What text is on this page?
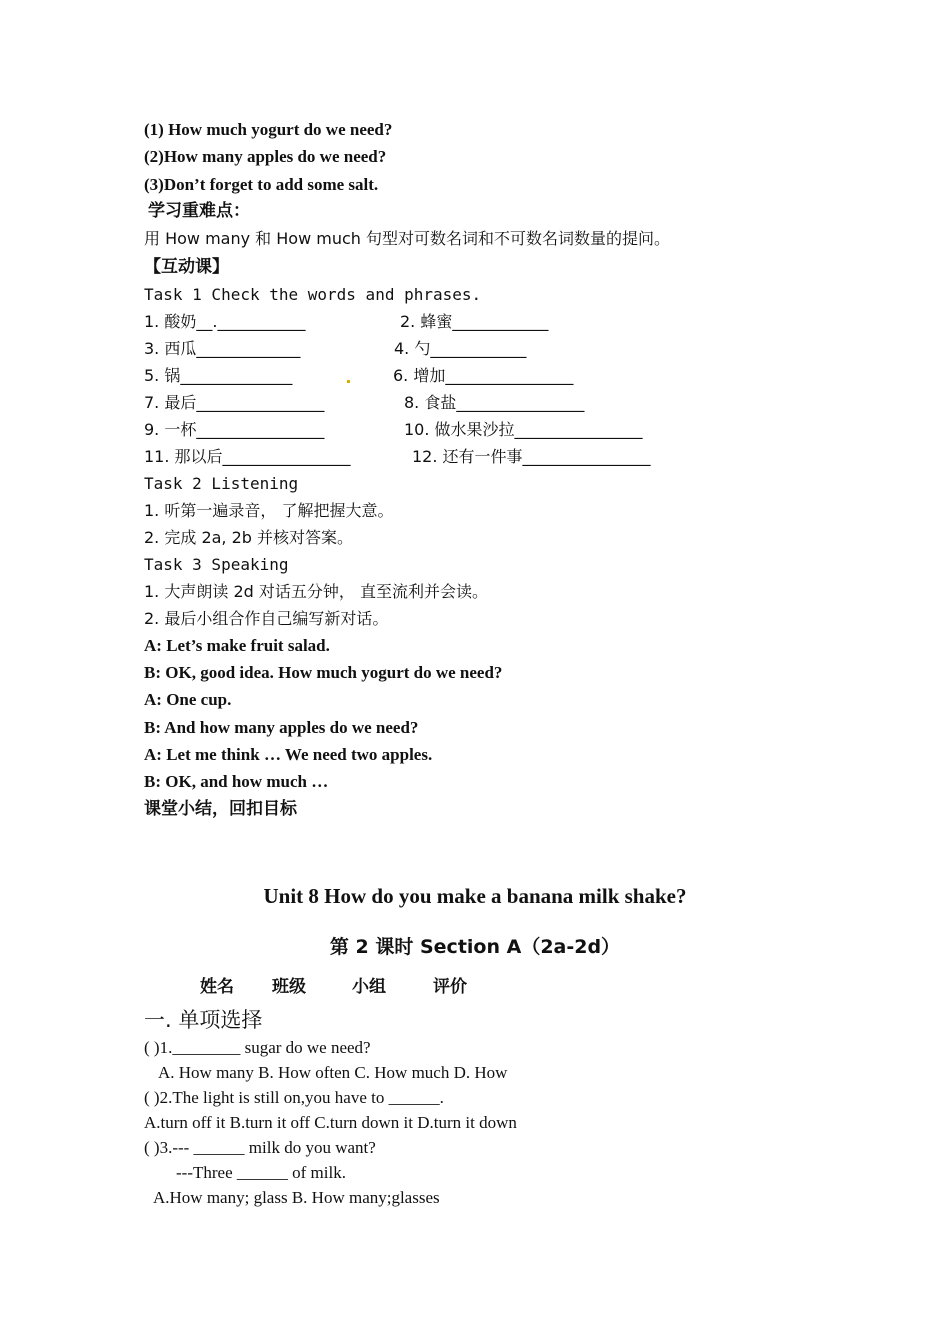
(1) How much yogurt do we need?
(2)How many apples do we need?
(3)Don’t forget to add some salt.
学习重难点：
用 How many 和 How much 句型对可数名词和不可数名词数量的提问。
【互动课】
Task 1 Check the words and phrases.
1. 酸奶__.___________	2. 蜂蜜____________
3. 西瓜_____________	4. 勺____________
5. 锅______________	6. 增加________________
7. 最后________________	8. 食盐________________
9. 一杯________________	10. 做水果沙拉________________
11. 那以后________________	12. 还有一件事________________
Task 2 Listening
1. 听第一遍录音， 了解把握大意。
2. 完成 2a, 2b 并核对答案。
Task 3 Speaking
1. 大声朗读 2d 对话五分钟， 直至流利并会读。
2. 最后小组合作自己编写新对话。
A: Let’s make fruit salad.
B: OK, good idea. How much yogurt do we need?
A: One cup.
B: And how many apples do we need?
A: Let me think … We need two apples.
B: OK, and how much …
课堂小结，回扣目标
Unit 8 How do you make a banana milk shake?
第 2 课时 Section A（2a-2d）
姓名 班级	小组	评价
一. 单项选择
( )1.________ sugar do we need?
A. How many B. How often C. How much D. How
( )2.The light is still on,you have to ______.
A.turn off it B.turn it off C.turn down it D.turn it down
( )3.--- ______ milk do you want?
---Three ______ of milk.
A.How many; glass B. How many;glasses
